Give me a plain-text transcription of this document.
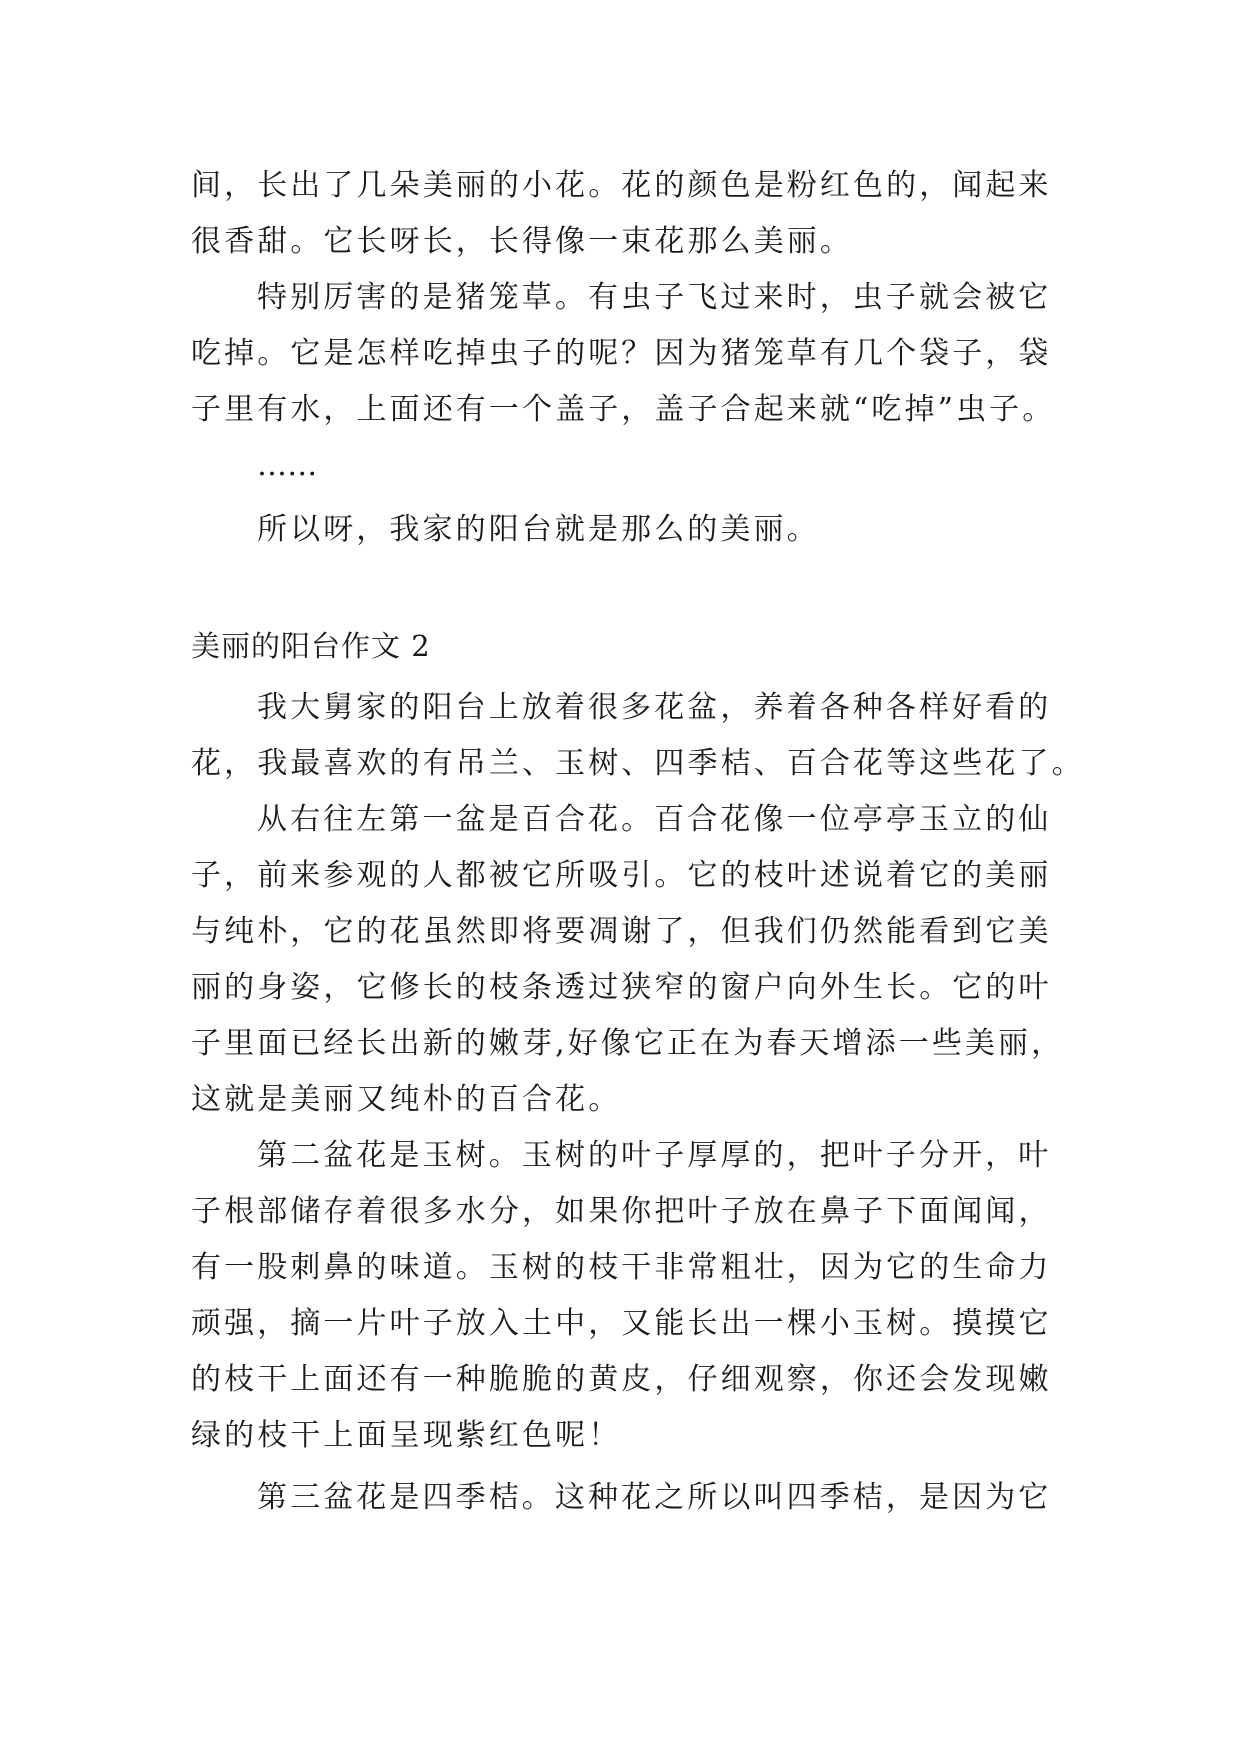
间，长出了几朵美丽的小花。花的颜色是粉红色的，闻起来
很香甜。它长呀长，长得像一束花那么美丽。
特别厉害的是猪笼草。有虫子飞过来时，虫子就会被它
吃掉。它是怎样吃掉虫子的呢？因为猪笼草有几个袋子，袋
子里有水，上面还有一个盖子，盖子合起来就“吃掉”虫子。
……
所以呀，我家的阳台就是那么的美丽。
美丽的阳台作文 2
我大舅家的阳台上放着很多花盆，养着各种各样好看的
花，我最喜欢的有吊兰、玉树、四季桔、百合花等这些花了。
从右往左第一盆是百合花。百合花像一位亭亭玉立的仙
子，前来参观的人都被它所吸引。它的枝叶述说着它的美丽
与纯朴，它的花虽然即将要凋谢了，但我们仍然能看到它美
丽的身姿，它修长的枝条透过狭窄的窗户向外生长。它的叶
子里面已经长出新的嫩芽,好像它正在为春天增添一些美丽，
这就是美丽又纯朴的百合花。
第二盆花是玉树。玉树的叶子厚厚的，把叶子分开，叶
子根部储存着很多水分，如果你把叶子放在鼻子下面闻闻，
有一股刺鼻的味道。玉树的枝干非常粗壮，因为它的生命力
顽强，摘一片叶子放入土中，又能长出一棵小玉树。摸摸它
的枝干上面还有一种脆脆的黄皮，仔细观察，你还会发现嫩
绿的枝干上面呈现紫红色呢！
第三盆花是四季桔。这种花之所以叫四季桔，是因为它
